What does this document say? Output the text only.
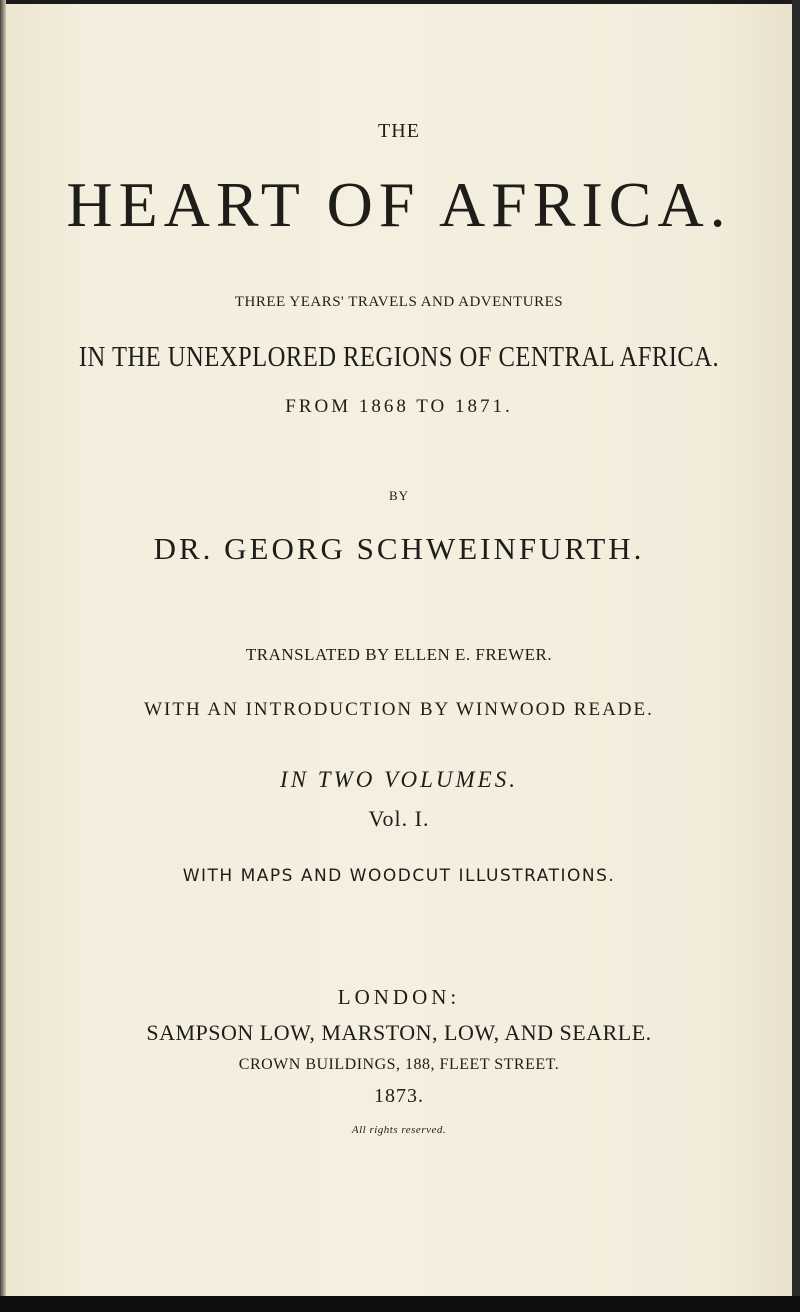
THE
HEART OF AFRICA.
THREE YEARS' TRAVELS AND ADVENTURES
IN THE UNEXPLORED REGIONS OF CENTRAL AFRICA.
FROM 1868 TO 1871.
BY
DR. GEORG SCHWEINFURTH.
TRANSLATED BY ELLEN E. FREWER.
WITH AN INTRODUCTION BY WINWOOD READE.
IN TWO VOLUMES.
Vol. I.
WITH MAPS AND WOODCUT ILLUSTRATIONS.
LONDON:
SAMPSON LOW, MARSTON, LOW, AND SEARLE.
CROWN BUILDINGS, 188, FLEET STREET.
1873.
All rights reserved.
